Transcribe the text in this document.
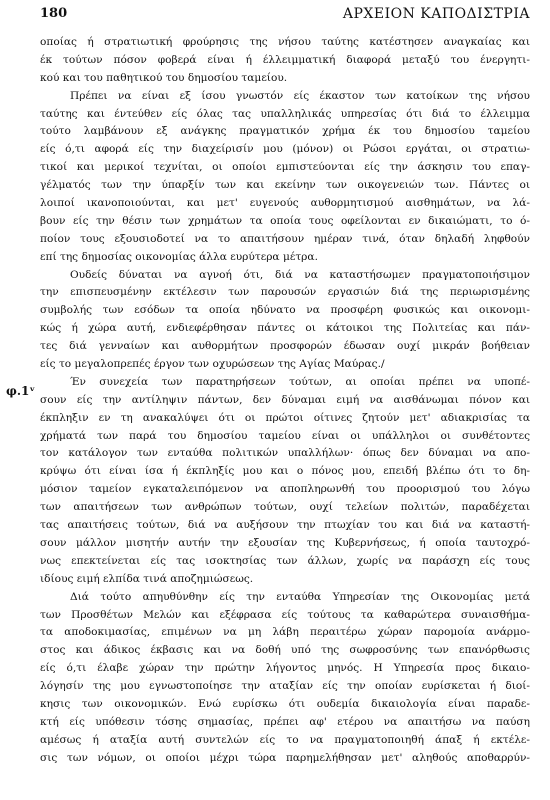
180	ΑΡΧΕΙΟΝ ΚΑΠΟΔΙΣΤΡΙΑ
φ.1ᵛ
οποίας ή στρατιωτική φρούρησις της νήσου ταύτης κατέστησεν αναγκαίας και
έκ τούτων πόσον φοβερά είναι ή έλλειμματική διαφορά μεταξύ του ένεργητι-
κού και του παθητικού του δημοσίου ταμείου.
Πρέπει να είναι εξ ίσου γνωστόν είς έκαστον των κατοίκων της νήσου
ταύτης και έντεύθεν είς όλας τας υπαλληλικάς υπηρεσίας ότι διά το έλλειμμα
τούτο λαμβάνουν εξ ανάγκης πραγματικόν χρήμα έκ του δημοσίου ταμείου
είς ό,τι αφορά είς την διαχείρισίν μου (μόνον) οι Ρώσοι εργάται, οι στρατιω-
τικοί και μερικοί τεχνίται, οι οποίοι εμπιστεύονται είς την άσκησιν του επαγ-
γέλματός των την ύπαρξίν των και εκείνην των οικογενειών των. Πάντες οι
λοιποί ικανοποιούνται, και μετ' ευγενούς αυθορμητισμού αισθημάτων, να λά-
βουν είς την θέσιν των χρημάτων τα οποία τους οφείλονται εν δικαιώματι, το ό-
ποίον τους εξουσιοδοτεί να το απαιτήσουν ημέραν τινά, όταν δηλαδή ληφθούν
επί της δημοσίας οικονομίας άλλα ευρύτερα μέτρα.
Ουδείς δύναται να αγνοή ότι, διά να καταστήσωμεν πραγματοποιήσιμον
την επισπευσμένην εκτέλεσιν των παρουσών εργασιών διά της περιωρισμένης
συμβολής των εσόδων τα οποία ηδύνατο να προσφέρη φυσικώς και οικονομι-
κώς ή χώρα αυτή, ενδιεφέρθησαν πάντες οι κάτοικοι της Πολιτείας και πάν-
τες διά γενναίων και αυθορμήτων προσφορών έδωσαν ουχί μικράν βοήθειαν
είς το μεγαλοπρεπές έργον των οχυρώσεων της Αγίας Μαύρας./
Έν συνεχεία των παρατηρήσεων τούτων, αι οποίαι πρέπει να υποπέ-
σουν είς την αντίληψιν πάντων, δεν δύναμαι ειμή να αισθάνωμαι πόνον και
έκπληξιν εν τη ανακαλύψει ότι οι πρώτοι οίτινες ζητούν μετ' αδιακρισίας τα
χρήματά των παρά του δημοσίου ταμείου είναι οι υπάλληλοι οι συνθέτοντες
τον κατάλογον των ενταύθα πολιτικών υπαλλήλων· όπως δεν δύναμαι να απο-
κρύψω ότι είναι ίσα ή έκπληξίς μου και ο πόνος μου, επειδή βλέπω ότι το δη-
μόσιον ταμείον εγκαταλειπόμενον να αποπληρωνθή του προορισμού του λόγω
των απαιτήσεων των ανθρώπων τούτων, ουχί τελείων πολιτών, παραδέχεται
τας απαιτήσεις τούτων, διά να αυξήσουν την πτωχίαν του και διά να καταστή-
σουν μάλλον μισητήν αυτήν την εξουσίαν της Κυβερνήσεως, ή οποία ταυτοχρό-
νως επεκτείνεται είς τας ισοκτησίας των άλλων, χωρίς να παράσχη είς τους
ιδίους ειμή ελπίδα τινά αποζημιώσεως.
Διά τούτο απηυθύνθην είς την ενταύθα Υπηρεσίαν της Οικονομίας μετά
των Προσθέτων Μελών και εξέφρασα είς τούτους τα καθαρώτερα συναισθήμα-
τα αποδοκιμασίας, επιμένων να μη λάβη περαιτέρω χώραν παρομοία ανάρμο-
στος και άδικος έκβασις και να δοθή υπό της σωφροσύνης των επανόρθωσις
είς ό,τι έλαβε χώραν την πρώτην λήγοντος μηνός. Η Υπηρεσία προς δικαιο-
λόγησίν της μου εγνωστοποίησε την αταξίαν είς την οποίαν ευρίσκεται ή διοί-
κησις των οικονομικών. Ενώ ευρίσκω ότι ουδεμία δικαιολογία είναι παραδε-
κτή είς υπόθεσιν τόσης σημασίας, πρέπει αφ' ετέρου να απαιτήσω να παύση
αμέσως ή αταξία αυτή συντελών είς το να πραγματοποιηθή άπαξ ή εκτέλε-
σις των νόμων, οι οποίοι μέχρι τώρα παρημελήθησαν μετ' αληθούς αποθαρρύν-
